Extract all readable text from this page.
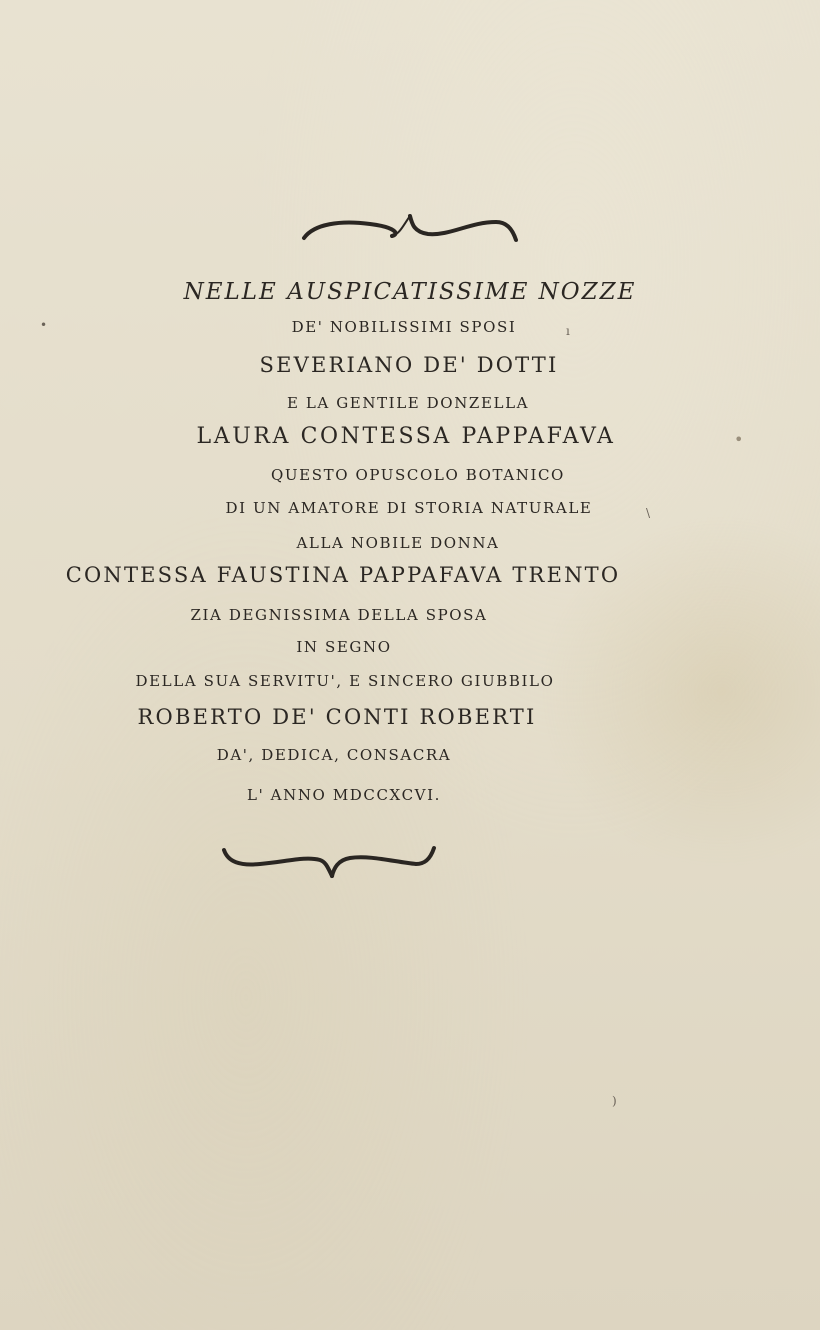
NELLE AUSPICATISSIME NOZZE
DE' NOBILISSIMI SPOSI
SEVERIANO DE' DOTTI
E LA GENTILE DONZELLA
LAURA CONTESSA PAPPAFAVA
QUESTO OPUSCOLO BOTANICO
DI UN AMATORE DI STORIA NATURALE
ALLA NOBILE DONNA
CONTESSA FAUSTINA PAPPAFAVA TRENTO
ZIA DEGNISSIMA DELLA SPOSA
IN SEGNO
DELLA SUA SERVITU', E SINCERO GIUBBILO
ROBERTO DE' CONTI ROBERTI
DA', DEDICA, CONSACRA
L' ANNO MDCCXCVI.
•	ı
•
\
)
